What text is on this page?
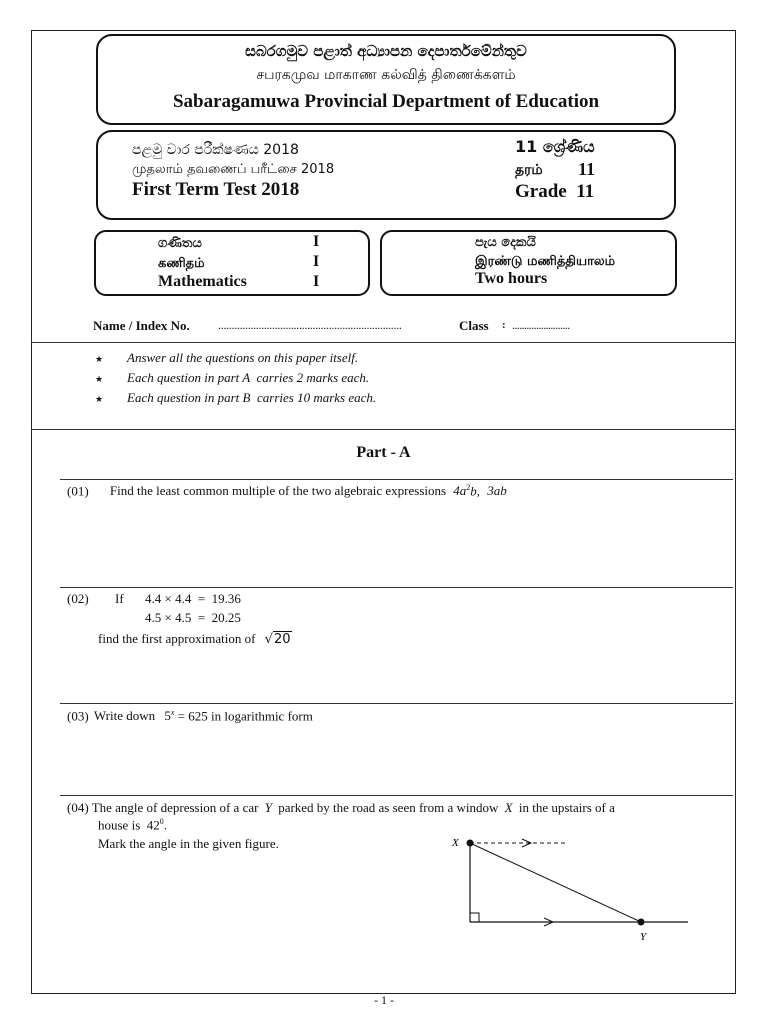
සබරගමුව පළාත් අධ්‍යාපන දෙපාර්තමේන්තුව
சபரகமுவ மாகாண கல்வித் திணைக்களம்
Sabaragamuwa Provincial Department of Education
පළමු වාර පරීක්ෂණය 2018
முதலாம் தவணைப் பரீட்சை 2018
First Term Test 2018
11 ශ්‍රේණිය
தரம் 11
Grade  11
ගණිතය
கணிதம்
Mathematics
I
I
I
පැය දෙකයි
இரண்டு மணித்தியாலம்
Two hours
Name / Index No. ....................................................................	Class : ........................
★ Answer all the questions on this paper itself.
★ Each question in part A  carries 2 marks each.
★ Each question in part B  carries 10 marks each.
Part - A
(01) Find the least common multiple of the two algebraic expressions $4a^2b$, 3ab
(02) If 4.4 × 4.4  =  19.36
4.5 × 4.5  =  20.25
find the first approximation of √20
(03) Write down $5^x = 625$ in logarithmic form
(04) The angle of depression of a car Y parked by the road as seen from a window X in the upstairs of a
house is  $42^0$.
Mark the angle in the given figure.	X
Y
- 1 -
